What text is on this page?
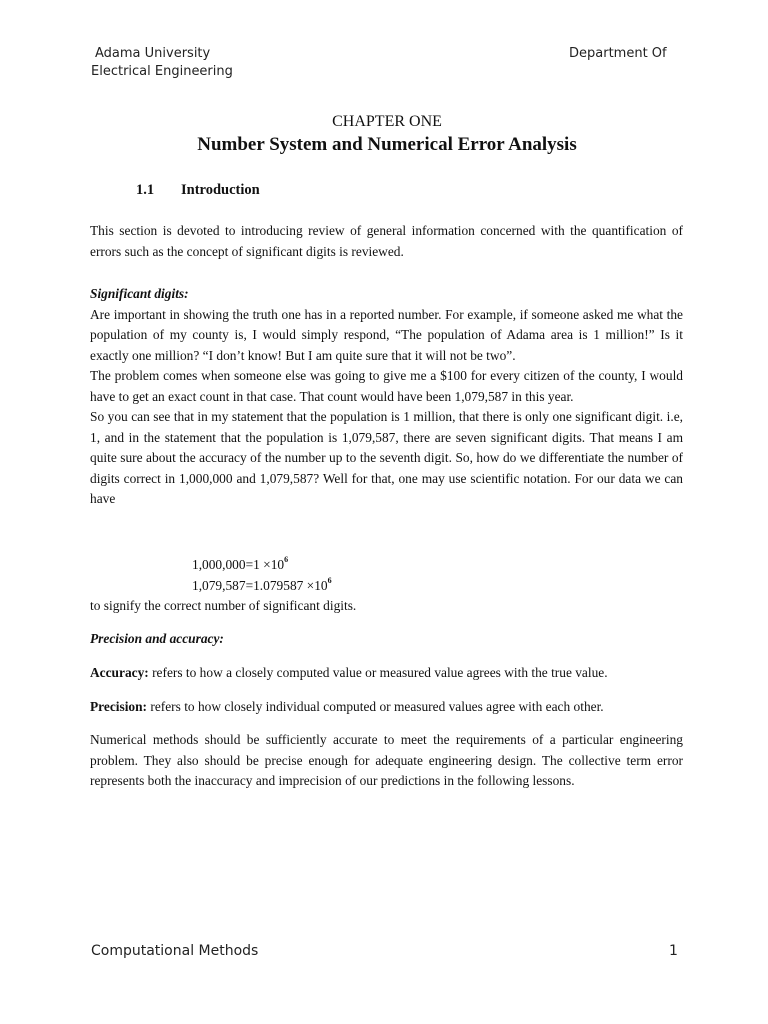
Adama University
Electrical Engineering
Department Of
CHAPTER ONE
Number System and Numerical Error Analysis
1.1 Introduction
This section is devoted to introducing review of general information concerned with the quantification of errors such as the concept of significant digits is reviewed.
Significant digits:
Are important in showing the truth one has in a reported number. For example, if someone asked me what the population of my county is, I would simply respond, “The population of Adama area is 1 million!” Is it exactly one million? “I don’t know! But I am quite sure that it will not be two”.
The problem comes when someone else was going to give me a $100 for every citizen of the county, I would have to get an exact count in that case. That count would have been 1,079,587 in this year.
So you can see that in my statement that the population is 1 million, that there is only one significant digit. i.e, 1, and in the statement that the population is 1,079,587, there are seven significant digits. That means I am quite sure about the accuracy of the number up to the seventh digit. So, how do we differentiate the number of digits correct in 1,000,000 and 1,079,587? Well for that, one may use scientific notation. For our data we can have
$1,000,000=1 \times 10^6$
$1,079,587=1.079587 \times 10^6$
to signify the correct number of significant digits.
Precision and accuracy:
Accuracy: refers to how a closely computed value or measured value agrees with the true value.
Precision: refers to how closely individual computed or measured values agree with each other.
Numerical methods should be sufficiently accurate to meet the requirements of a particular engineering problem. They also should be precise enough for adequate engineering design. The collective term error represents both the inaccuracy and imprecision of our predictions in the following lessons.
Computational Methods	1
